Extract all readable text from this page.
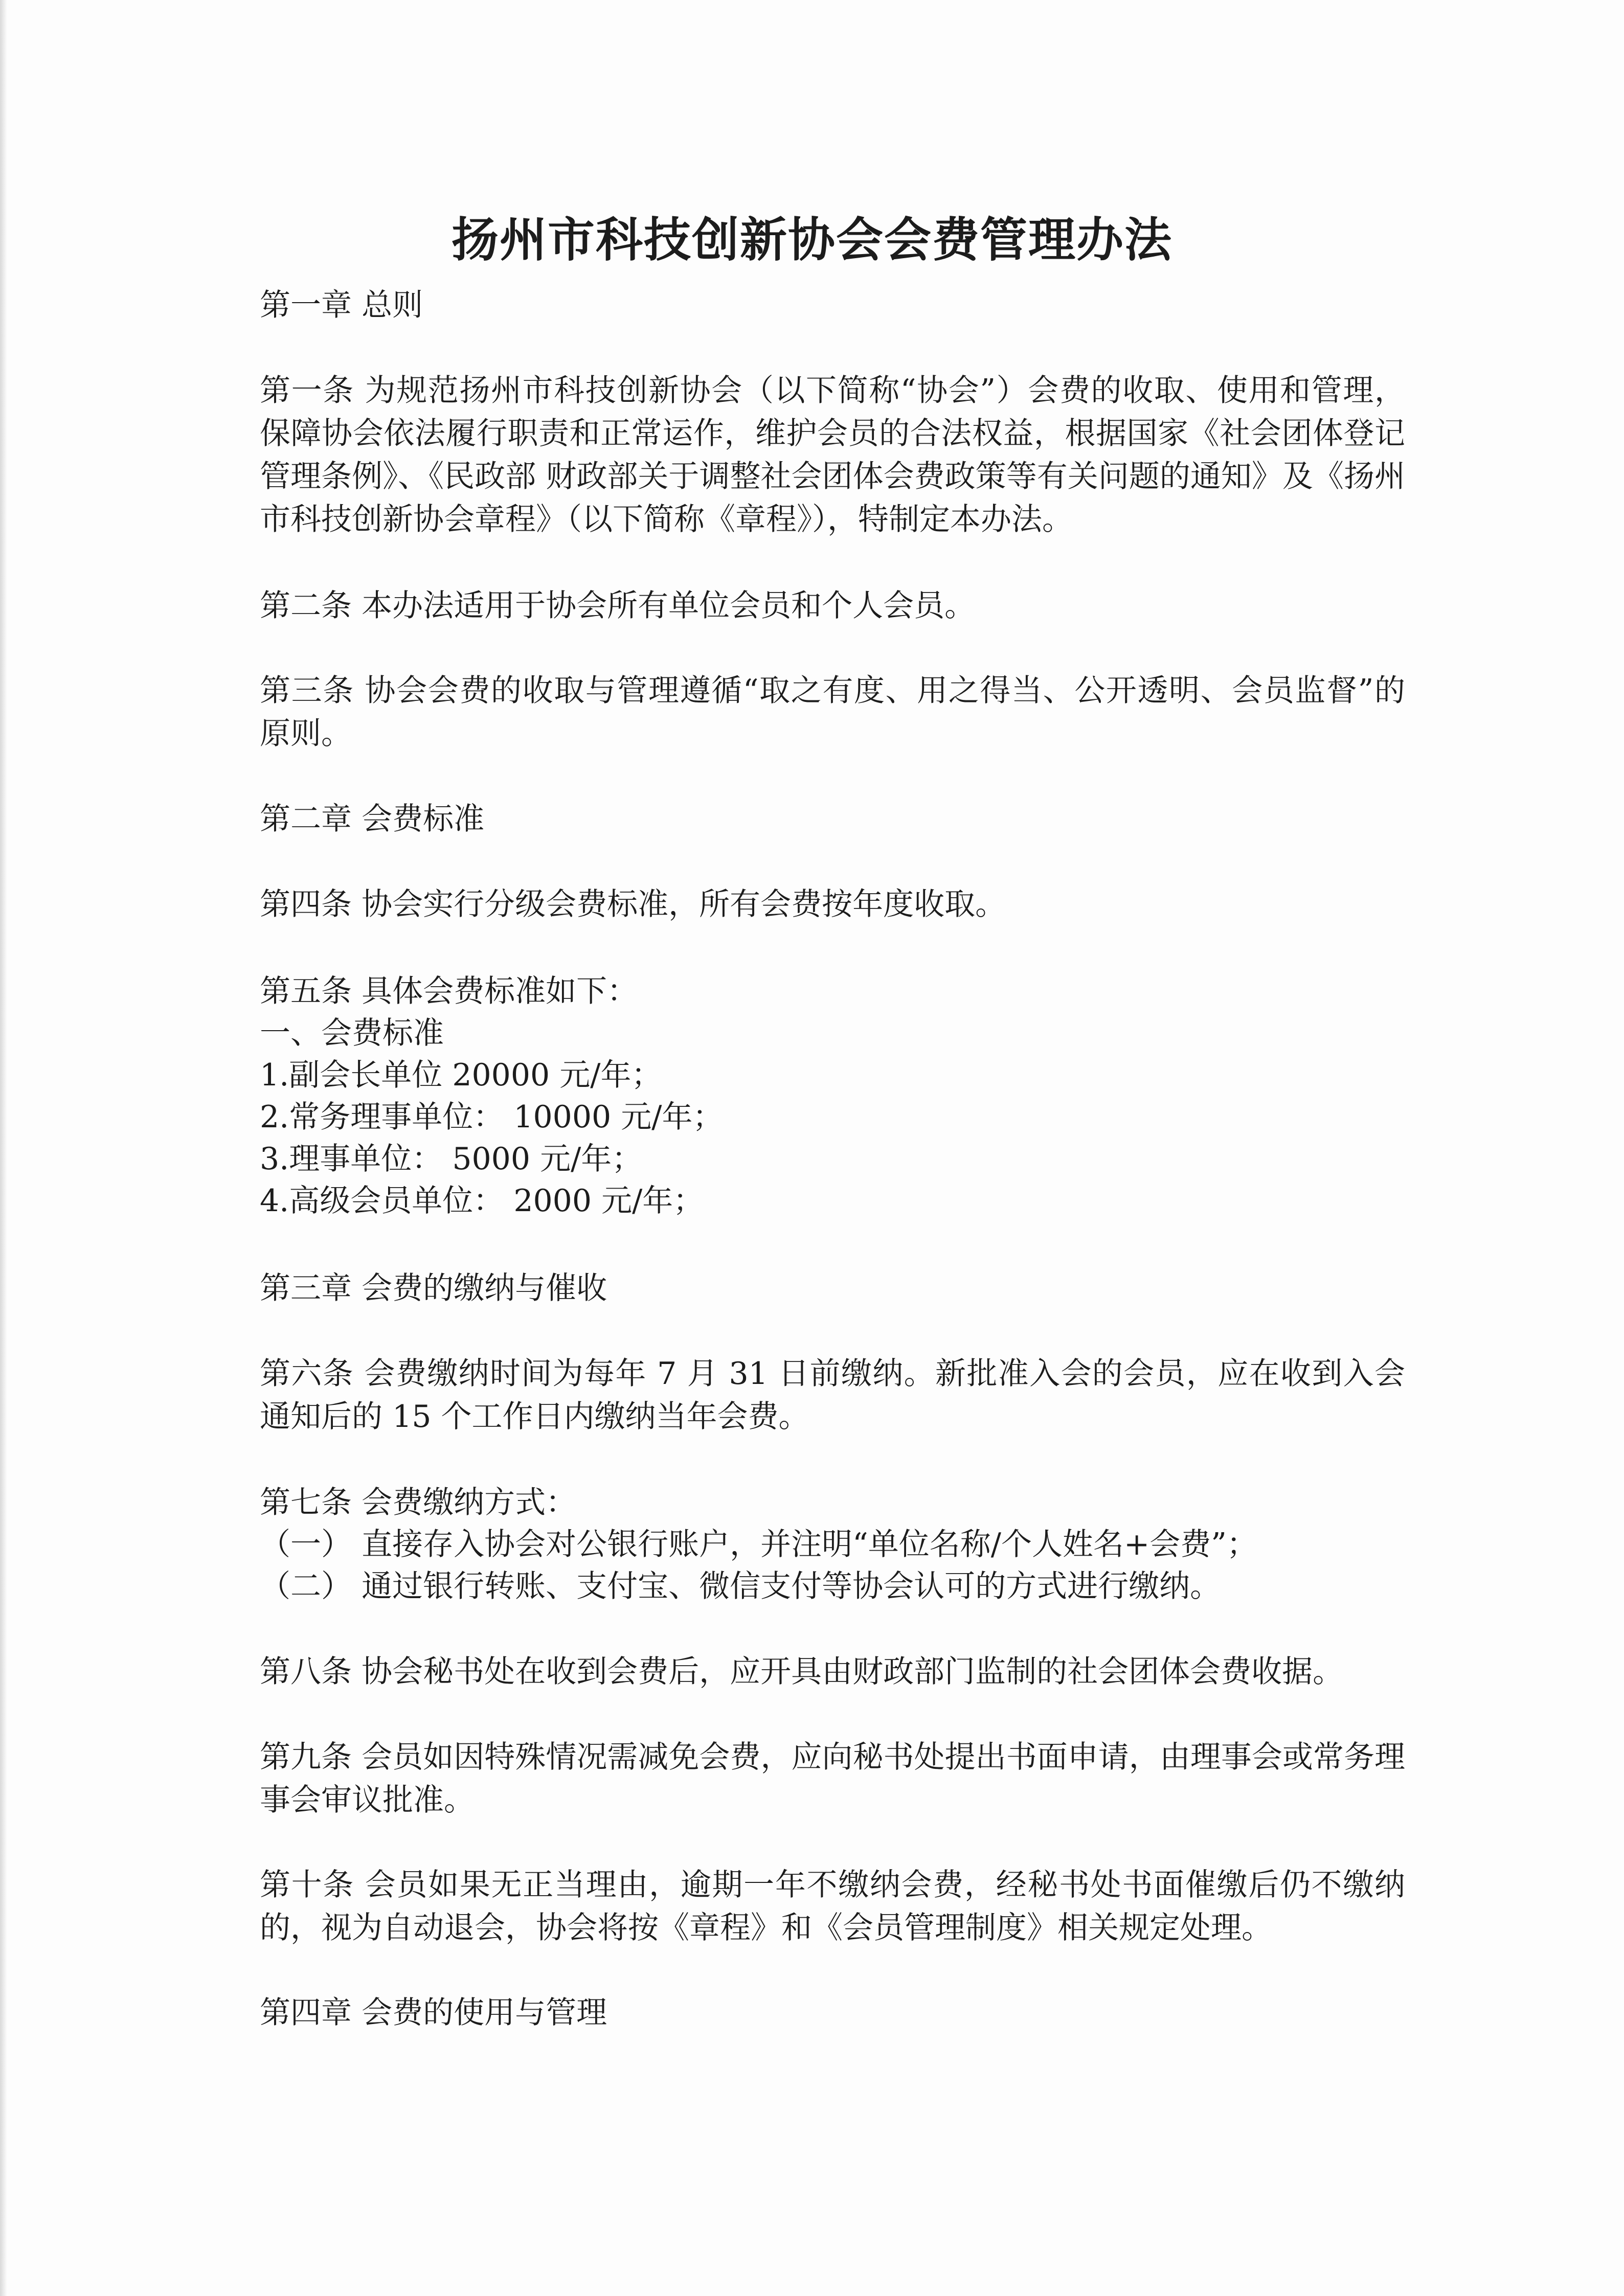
扬州市科技创新协会会费管理办法

第一章 总则

第一条 为规范扬州市科技创新协会（以下简称“协会”）会费的收取、使用和管理，保障协会依法履行职责和正常运作，维护会员的合法权益，根据国家《社会团体登记管理条例》、《民政部 财政部关于调整社会团体会费政策等有关问题的通知》及《扬州市科技创新协会章程》（以下简称《章程》），特制定本办法。

第二条 本办法适用于协会所有单位会员和个人会员。

第三条 协会会费的收取与管理遵循“取之有度、用之得当、公开透明、会员监督”的原则。

第二章 会费标准

第四条 协会实行分级会费标准，所有会费按年度收取。

第五条 具体会费标准如下：

一、会费标准

1.副会长单位 20000 元/年；

2.常务理事单位： 10000 元/年；

3.理事单位： 5000 元/年；

4.高级会员单位： 2000 元/年；

第三章 会费的缴纳与催收

第六条 会费缴纳时间为每年 7 月 31 日前缴纳。新批准入会的会员，应在收到入会通知后的 15 个工作日内缴纳当年会费。

第七条 会费缴纳方式：

（一） 直接存入协会对公银行账户，并注明“单位名称/个人姓名+会费”；

（二） 通过银行转账、支付宝、微信支付等协会认可的方式进行缴纳。

第八条 协会秘书处在收到会费后，应开具由财政部门监制的社会团体会费收据。

第九条 会员如因特殊情况需减免会费，应向秘书处提出书面申请，由理事会或常务理事会审议批准。

第十条 会员如果无正当理由，逾期一年不缴纳会费，经秘书处书面催缴后仍不缴纳的，视为自动退会，协会将按《章程》和《会员管理制度》相关规定处理。

第四章 会费的使用与管理
